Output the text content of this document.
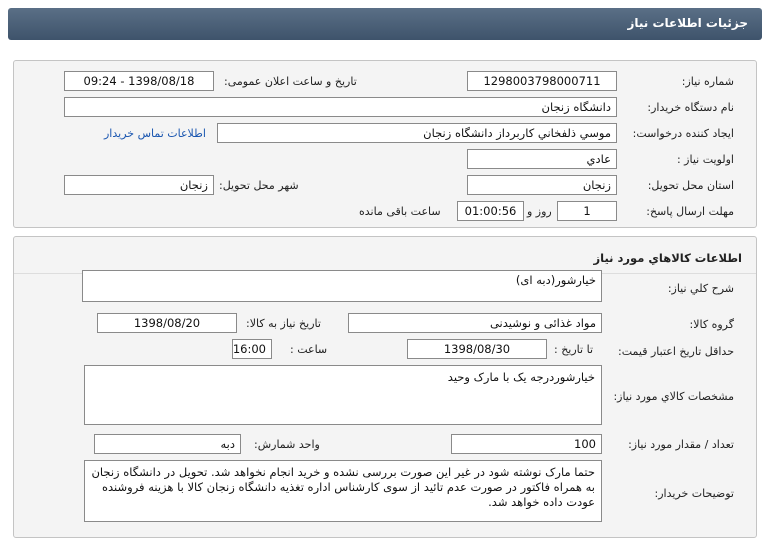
جزئیات اطلاعات نیاز
شماره نیاز:
1298003798000711
تاریخ و ساعت اعلان عمومی:
1398/08/18 - 09:24
نام دستگاه خریدار:
دانشگاه زنجان
ایجاد کننده درخواست:
موسي ذلفخاني كاربرداز دانشگاه زنجان
اطلاعات تماس خریدار
اولویت نیاز :
عادي
استان محل تحویل:
زنجان
شهر محل تحویل:
زنجان
مهلت ارسال پاسخ:
1
روز و
01:00:56
ساعت باقی مانده
اطلاعات كالاهاي مورد نياز
شرح كلي نياز:
خيارشور(دبه اى)
گروه کالا:
مواد غذائی و نوشیدنی
تاریخ نیاز به کالا:
1398/08/20
حداقل تاریخ اعتبار قیمت:
تا تاریخ :
1398/08/30
ساعت :
16:00
مشخصات كالاي مورد نياز:
خيارشوردرجه يک با مارک وحيد
تعداد / مقدار مورد نیاز:
100
واحد شمارش:
دبه
توضیحات خریدار:
حتما مارک نوشته شود در غیر این صورت بررسی نشده و خرید انجام نخواهد شد. تحویل در دانشگاه زنجان به همراه فاکتور در صورت عدم تائید از سوی کارشناس اداره تغذیه دانشگاه زنجان کالا با هزینه فروشنده عودت داده خواهد شد.
